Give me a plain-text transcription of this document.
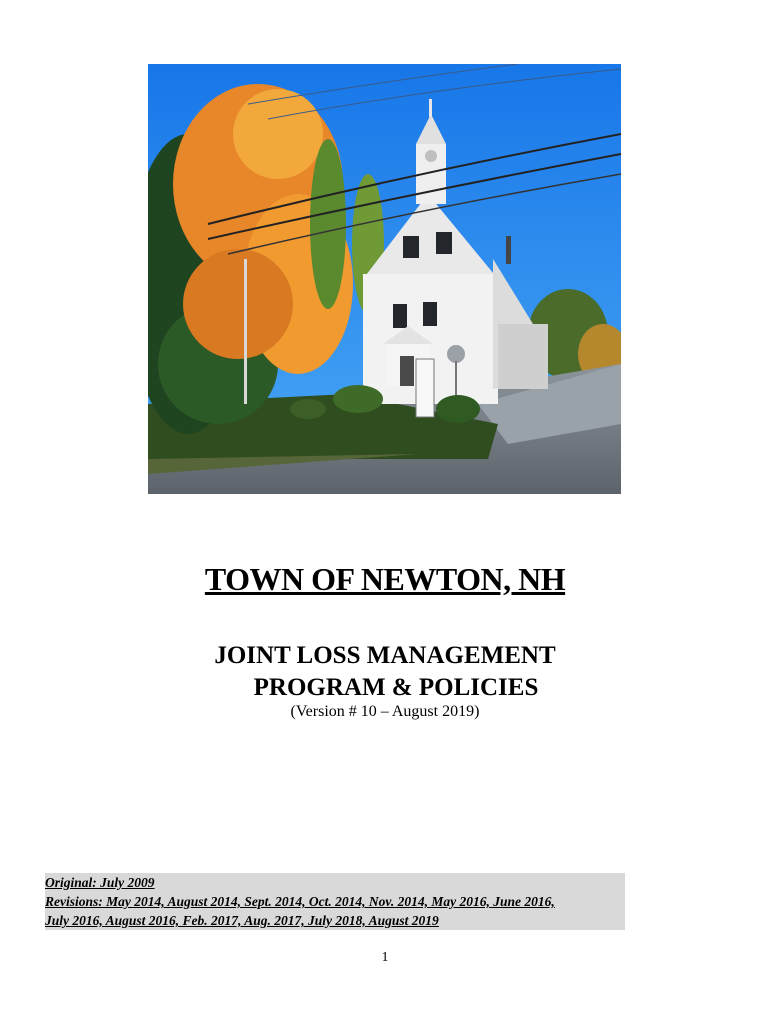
TOWN OF NEWTON, NH
JOINT LOSS MANAGEMENT

PROGRAM & POLICIES
(Version # 10 – August 2019)
Original: July 2009
Revisions: May 2014, August 2014, Sept. 2014, Oct. 2014, Nov. 2014, May 2016, June 2016,
July 2016, August 2016, Feb. 2017, Aug. 2017, July 2018, August 2019
1
